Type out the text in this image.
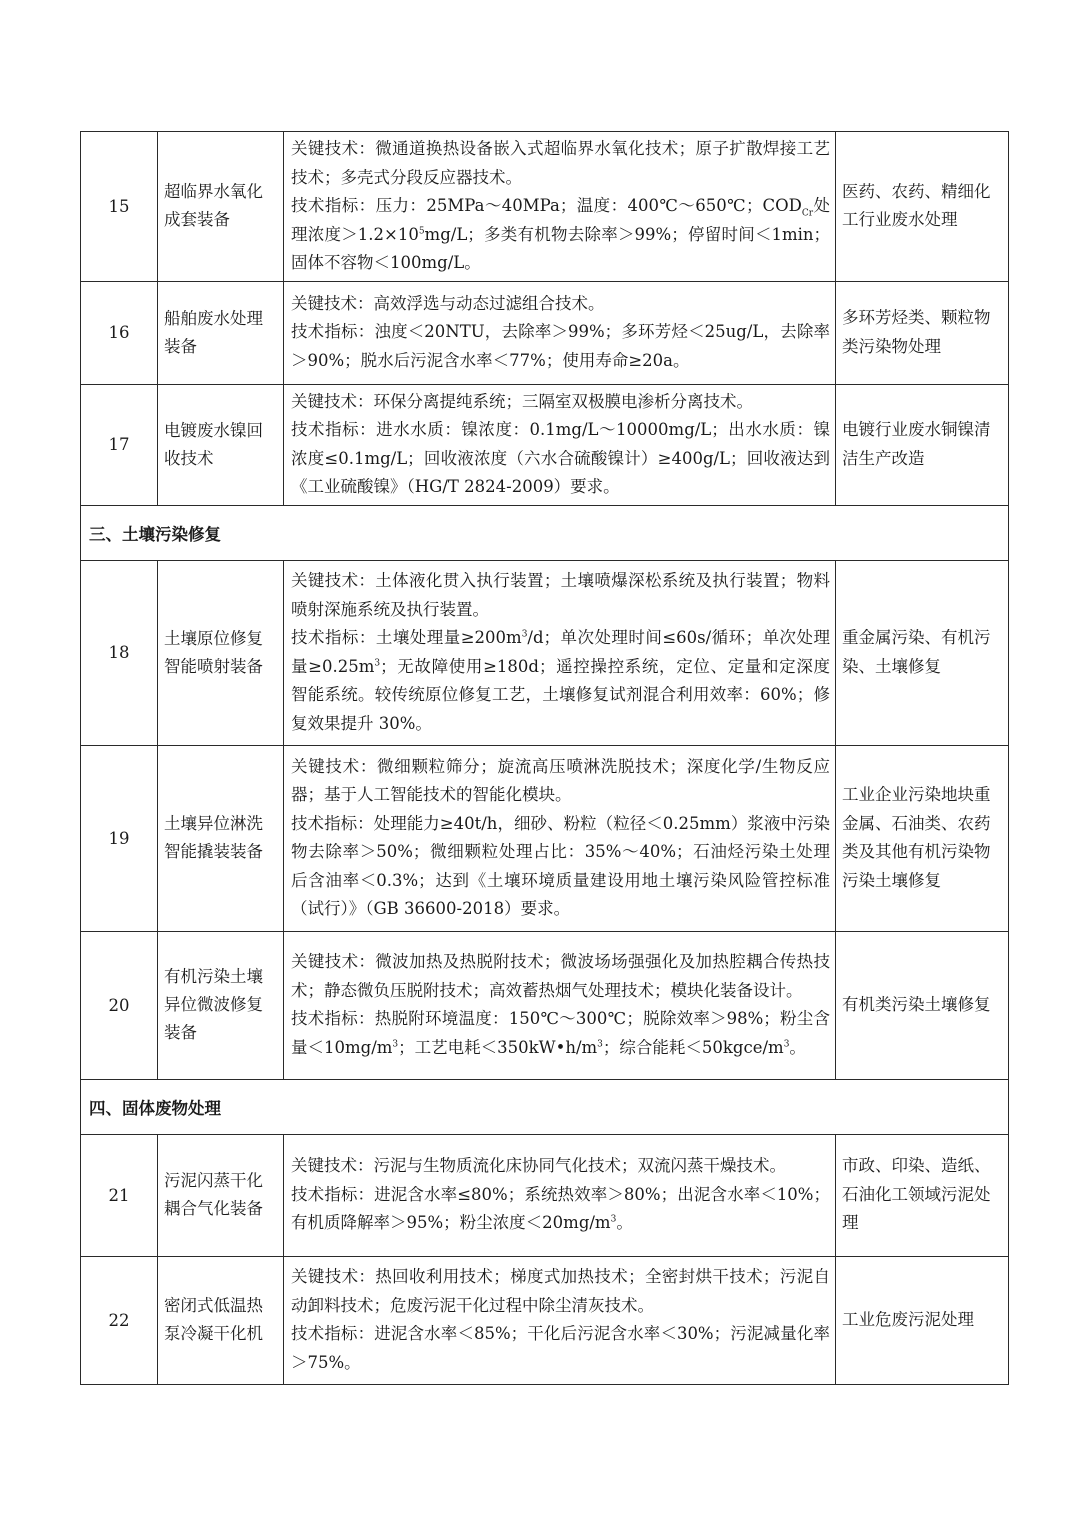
15	超临界水氧化成套装备	关键技术：微通道换热设备嵌入式超临界水氧化技术；原子扩散焊接工艺技术；多壳式分段反应器技术。
技术指标：压力：25MPa～40MPa；温度：400℃～650℃；$COD_{Cr}$处理浓度$>1.2\times 10^5mg/L$；多类有机物去除率＞99%；停留时间＜1min；固体不容物＜100mg/L。	医药、农药、精细化工行业废水处理
16	船舶废水处理装备	关键技术：高效浮选与动态过滤组合技术。
技术指标：浊度＜20NTU，去除率＞99%；多环芳烃＜25ug/L，去除率＞90%；脱水后污泥含水率＜77%；使用寿命≥20a。	多环芳烃类、颗粒物类污染物处理
17	电镀废水镍回收技术	关键技术：环保分离提纯系统；三隔室双极膜电渗析分离技术。
技术指标：进水水质：镍浓度：0.1mg/L～10000mg/L；出水水质：镍浓度≤0.1mg/L；回收液浓度（六水合硫酸镍计）≥400g/L；回收液达到《工业硫酸镍》（HG/T 2824-2009）要求。	电镀行业废水铜镍清洁生产改造
三、土壤污染修复			
18	土壤原位修复智能喷射装备	关键技术：土体液化贯入执行装置；土壤喷爆深松系统及执行装置；物料喷射深施系统及执行装置。
技术指标：土壤处理量$\ge 200m^3/d$；单次处理时间≤60s/循环；单次处理量$\ge 0.25m^3$；无故障使用≥180d；遥控操控系统，定位、定量和定深度智能系统。较传统原位修复工艺，土壤修复试剂混合利用效率：60%；修复效果提升 30%。	重金属污染、有机污染、土壤修复
19	土壤异位淋洗智能撬装装备	关键技术：微细颗粒筛分；旋流高压喷淋洗脱技术；深度化学/生物反应器；基于人工智能技术的智能化模块。
技术指标：处理能力≥40t/h，细砂、粉粒（粒径＜0.25mm）浆液中污染物去除率＞50%；微细颗粒处理占比：35%～40%；石油烃污染土处理后含油率＜0.3%；达到《土壤环境质量建设用地土壤污染风险管控标准（试行）》（GB 36600-2018）要求。	工业企业污染地块重金属、石油类、农药类及其他有机污染物污染土壤修复
20	有机污染土壤异位微波修复装备	关键技术：微波加热及热脱附技术；微波场场强强化及加热腔耦合传热技术；静态微负压脱附技术；高效蓄热烟气处理技术；模块化装备设计。
技术指标：热脱附环境温度：150℃～300℃；脱除效率＞98%；粉尘含量$<10mg/m^3$；工艺电耗$<350kW•h/m^3$；综合能耗$<50kgce/m^3$。	有机类污染土壤修复
四、固体废物处理			
21	污泥闪蒸干化耦合气化装备	关键技术：污泥与生物质流化床协同气化技术；双流闪蒸干燥技术。
技术指标：进泥含水率≤80%；系统热效率＞80%；出泥含水率＜10%；有机质降解率＞95%；粉尘浓度$<20mg/m^3$。	市政、印染、造纸、石油化工领域污泥处理
22	密闭式低温热泵冷凝干化机	关键技术：热回收利用技术；梯度式加热技术；全密封烘干技术；污泥自动卸料技术；危废污泥干化过程中除尘清灰技术。
技术指标：进泥含水率＜85%；干化后污泥含水率＜30%；污泥减量化率＞75%。	工业危废污泥处理
